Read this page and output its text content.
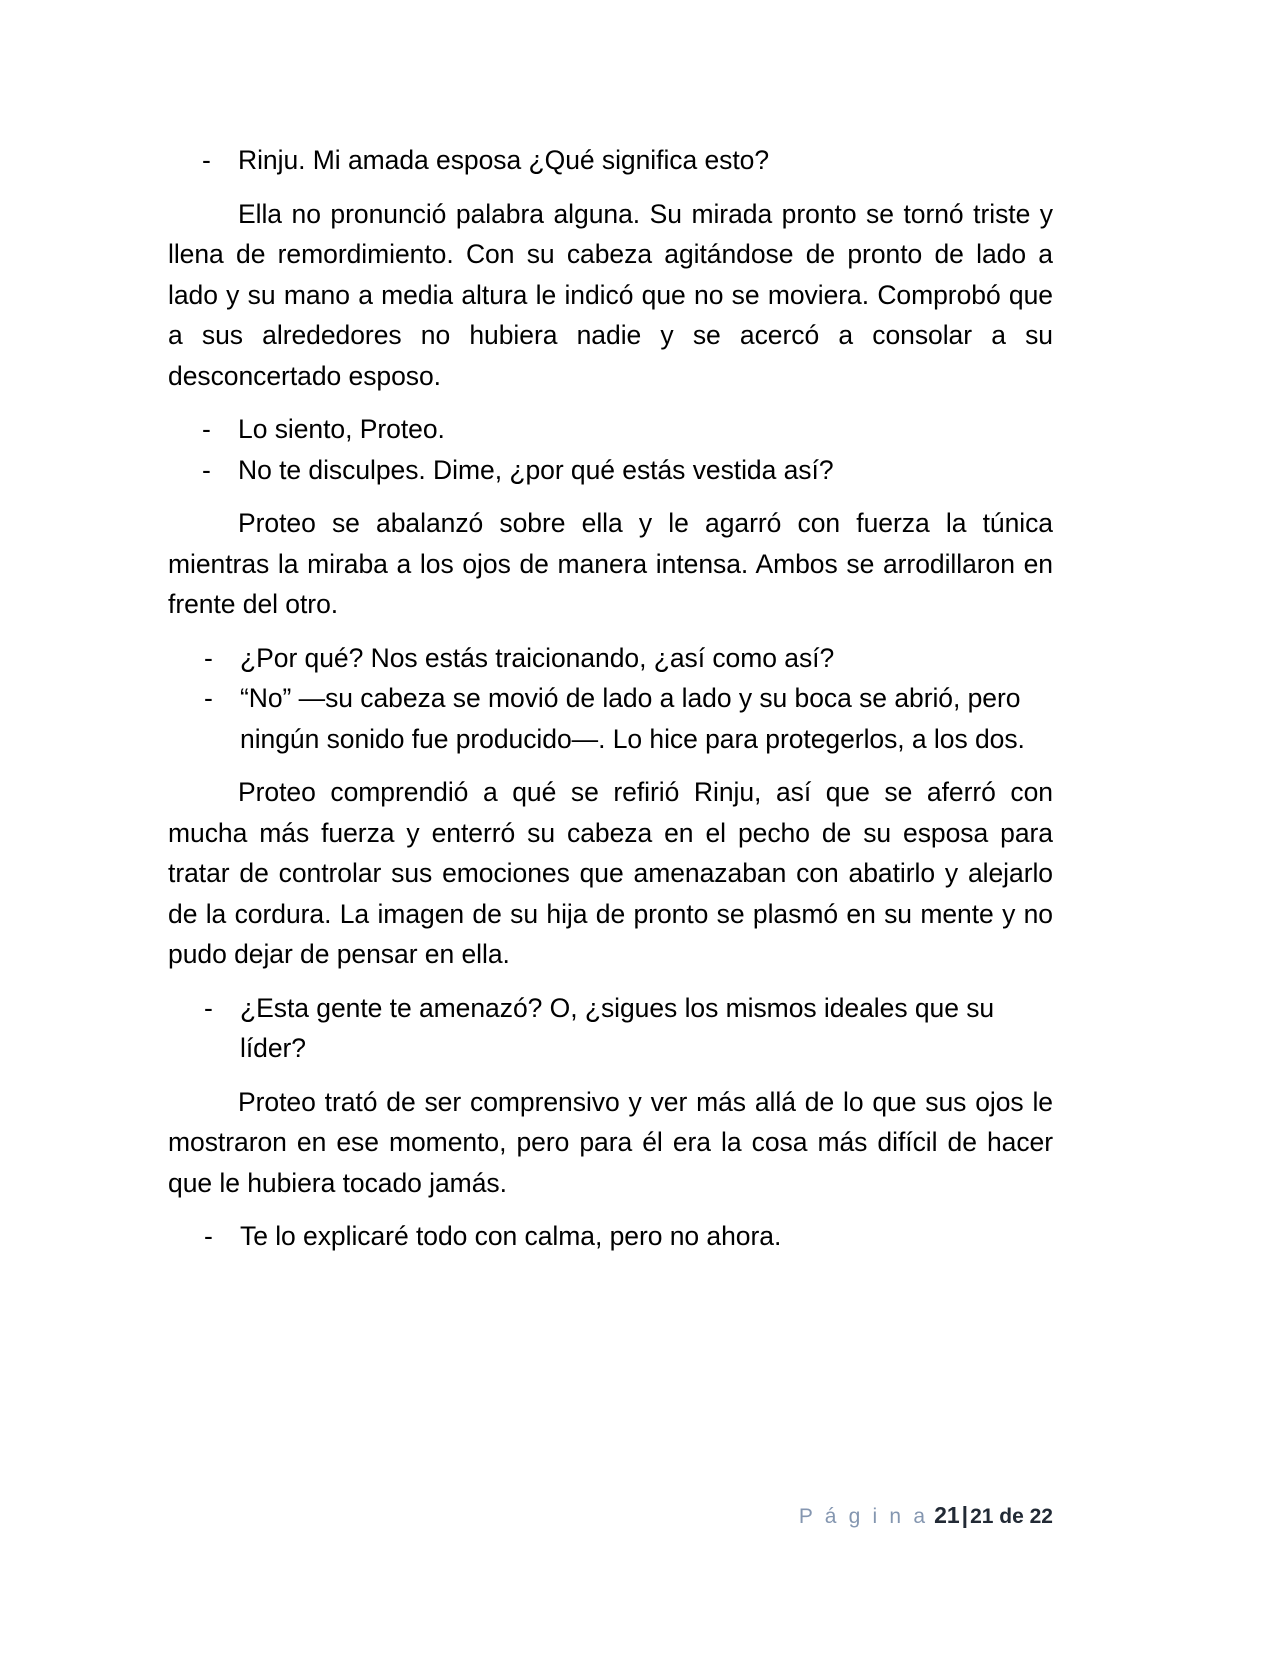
- Rinju. Mi amada esposa ¿Qué significa esto?

Ella no pronunció palabra alguna. Su mirada pronto se tornó triste y llena de remordimiento. Con su cabeza agitándose de pronto de lado a lado y su mano a media altura le indicó que no se moviera. Comprobó que a sus alrededores no hubiera nadie y se acercó a consolar a su desconcertado esposo.

- Lo siento, Proteo.
- No te disculpes. Dime, ¿por qué estás vestida así?

Proteo se abalanzó sobre ella y le agarró con fuerza la túnica mientras la miraba a los ojos de manera intensa. Ambos se arrodillaron en frente del otro.

- ¿Por qué? Nos estás traicionando, ¿así como así?
- “No” —su cabeza se movió de lado a lado y su boca se abrió, pero ningún sonido fue producido—. Lo hice para protegerlos, a los dos.

Proteo comprendió a qué se refirió Rinju, así que se aferró con mucha más fuerza y enterró su cabeza en el pecho de su esposa para tratar de controlar sus emociones que amenazaban con abatirlo y alejarlo de la cordura. La imagen de su hija de pronto se plasmó en su mente y no pudo dejar de pensar en ella.

- ¿Esta gente te amenazó? O, ¿sigues los mismos ideales que su líder?

Proteo trató de ser comprensivo y ver más allá de lo que sus ojos le mostraron en ese momento, pero para él era la cosa más difícil de hacer que le hubiera tocado jamás.

- Te lo explicaré todo con calma, pero no ahora.
P á g i n a 21|21 de 22
